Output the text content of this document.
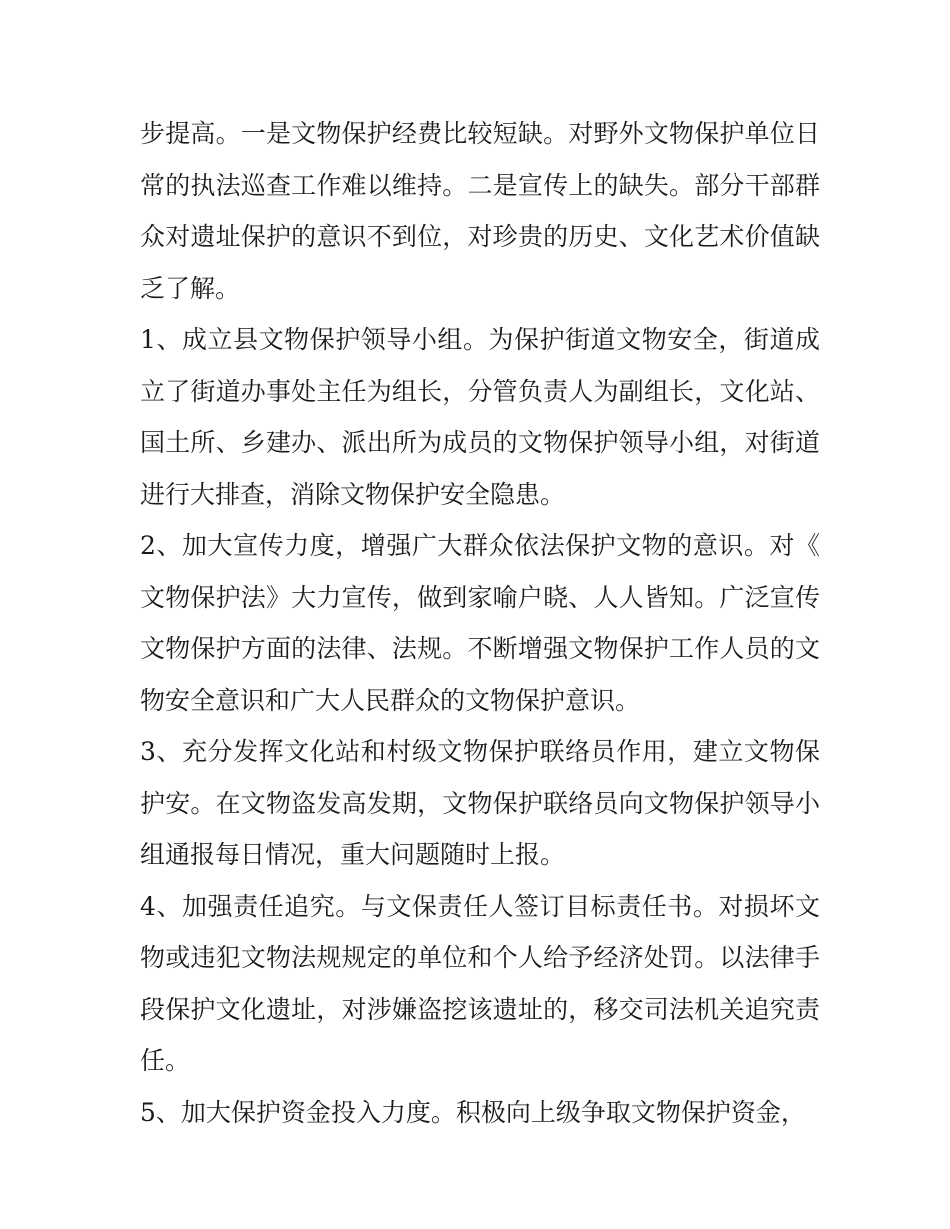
步提高。一是文物保护经费比较短缺。对野外文物保护单位日常的执法巡查工作难以维持。二是宣传上的缺失。部分干部群众对遗址保护的意识不到位，对珍贵的历史、文化艺术价值缺乏了解。

1、成立县文物保护领导小组。为保护街道文物安全，街道成立了街道办事处主任为组长，分管负责人为副组长，文化站、国土所、乡建办、派出所为成员的文物保护领导小组，对街道进行大排查，消除文物保护安全隐患。

2、加大宣传力度，增强广大群众依法保护文物的意识。对《文物保护法》大力宣传，做到家喻户晓、人人皆知。广泛宣传文物保护方面的法律、法规。不断增强文物保护工作人员的文物安全意识和广大人民群众的文物保护意识。

3、充分发挥文化站和村级文物保护联络员作用，建立文物保护安。在文物盗发高发期，文物保护联络员向文物保护领导小组通报每日情况，重大问题随时上报。

4、加强责任追究。与文保责任人签订目标责任书。对损坏文物或违犯文物法规规定的单位和个人给予经济处罚。以法律手段保护文化遗址，对涉嫌盗挖该遗址的，移交司法机关追究责任。

5、加大保护资金投入力度。积极向上级争取文物保护资金，
